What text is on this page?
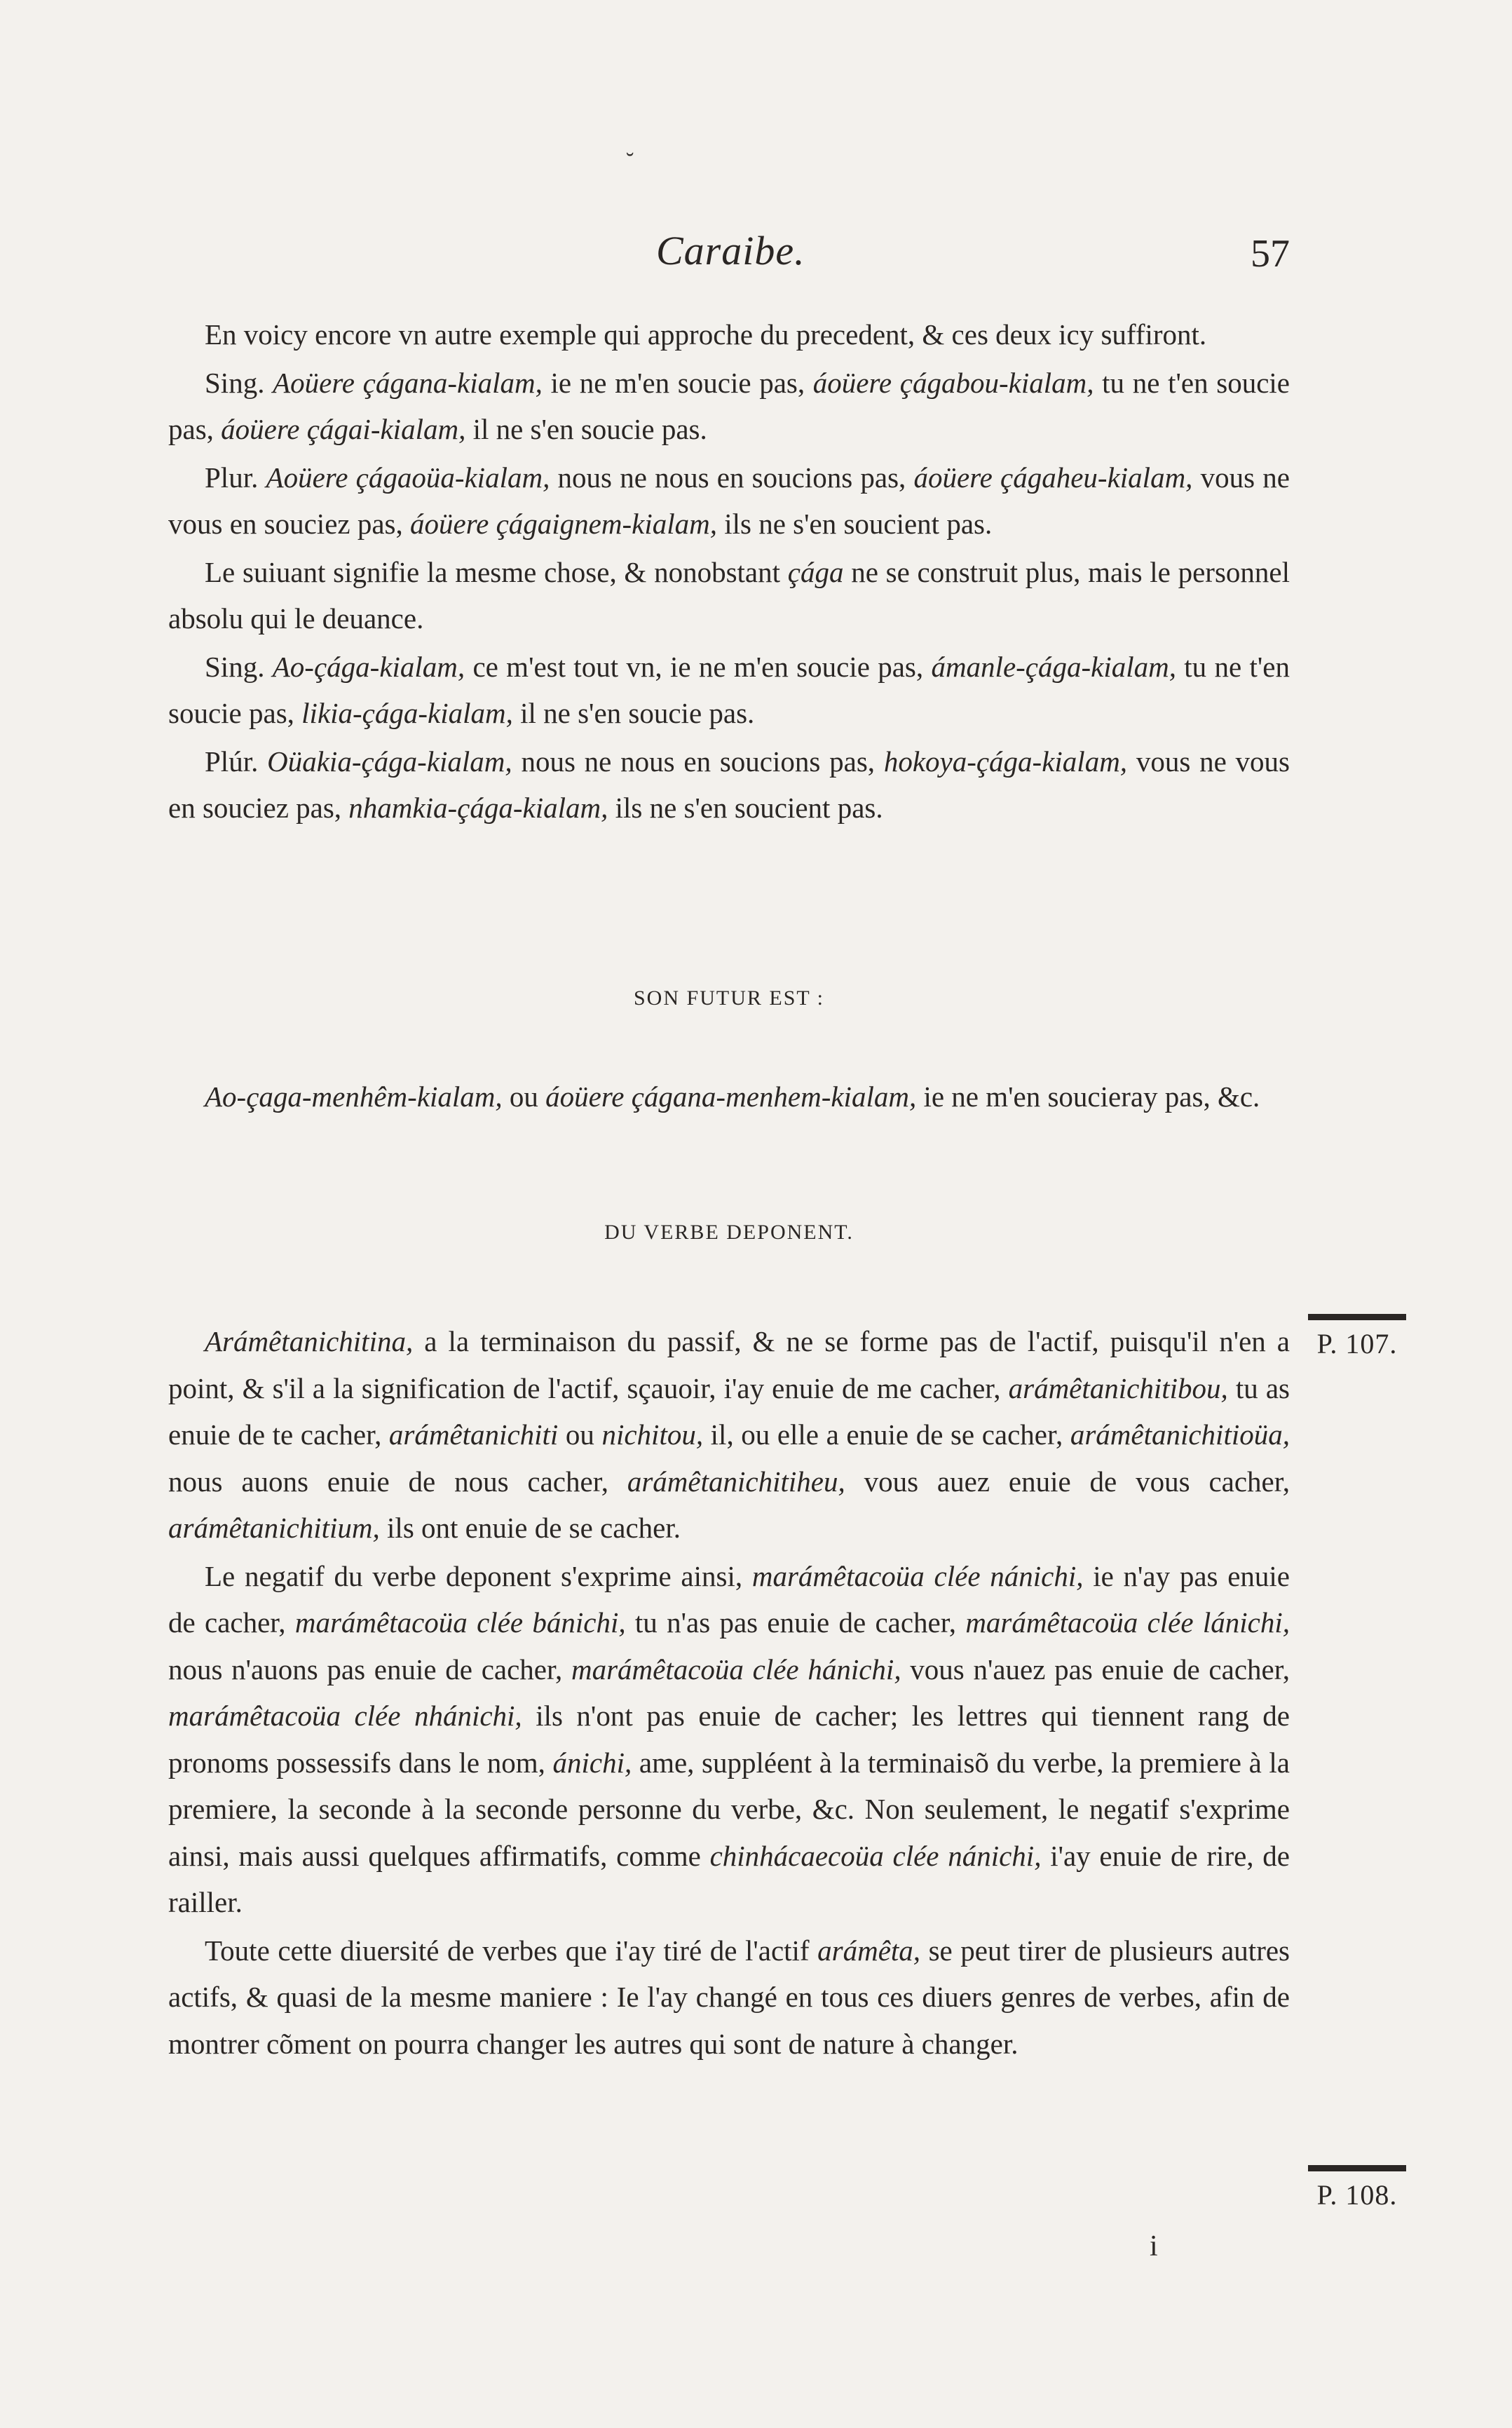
˘
Caraibe.	57

En voicy encore vn autre exemple qui approche du precedent, & ces deux icy suffiront.

Sing. Aoüere çágana-kialam, ie ne m'en soucie pas, áoüere çágabou-kialam, tu ne t'en soucie pas, áoüere çágai-kialam, il ne s'en soucie pas.

Plur. Aoüere çágaoüa-kialam, nous ne nous en soucions pas, áoüere çágaheu-kialam, vous ne vous en souciez pas, áoüere çágaignem-kialam, ils ne s'en soucient pas.

Le suiuant signifie la mesme chose, & nonobstant çága ne se construit plus, mais le personnel absolu qui le deuance.

Sing. Ao-çága-kialam, ce m'est tout vn, ie ne m'en soucie pas, ámanle-çága-kialam, tu ne t'en soucie pas, likia-çága-kialam, il ne s'en soucie pas.

Plúr. Oüakia-çága-kialam, nous ne nous en soucions pas, hokoya-çága-kialam, vous ne vous en souciez pas, nhamkia-çága-kialam, ils ne s'en soucient pas.

SON FUTUR EST :

Ao-çaga-menhêm-kialam, ou áoüere çágana-menhem-kialam, ie ne m'en soucieray pas, &c.

DU VERBE DEPONENT.

Arámêtanichitina, a la terminaison du passif, & ne se forme pas de l'actif, puisqu'il n'en a point, & s'il a la signification de l'actif, sçauoir, i'ay enuie de me cacher, arámêtanichitibou, tu as enuie de te cacher, arámêtanichiti ou nichitou, il, ou elle a enuie de se cacher, arámêtanichitioüa, nous auons enuie de nous cacher, arámêtanichitiheu, vous auez enuie de vous cacher, arámêtanichitium, ils ont enuie de se cacher.

Le negatif du verbe deponent s'exprime ainsi, marámêtacoüa clée nánichi, ie n'ay pas enuie de cacher, marámêtacoüa clée bánichi, tu n'as pas enuie de cacher, marámêtacoüa clée lánichi, nous n'auons pas enuie de cacher, marámêtacoüa clée hánichi, vous n'auez pas enuie de cacher, marámêtacoüa clée nhánichi, ils n'ont pas enuie de cacher; les lettres qui tiennent rang de pronoms possessifs dans le nom, ánichi, ame, suppléent à la terminaisõ du verbe, la premiere à la premiere, la seconde à la seconde personne du verbe, &c. Non seulement, le negatif s'exprime ainsi, mais aussi quelques affirmatifs, comme chinhácaecoüa clée nánichi, i'ay enuie de rire, de railler.

Toute cette diuersité de verbes que i'ay tiré de l'actif arámêta, se peut tirer de plusieurs autres actifs, & quasi de la mesme maniere : Ie l'ay changé en tous ces diuers genres de verbes, afin de montrer cõment on pourra changer les autres qui sont de nature à changer.

P. 107.
P. 108.
i
